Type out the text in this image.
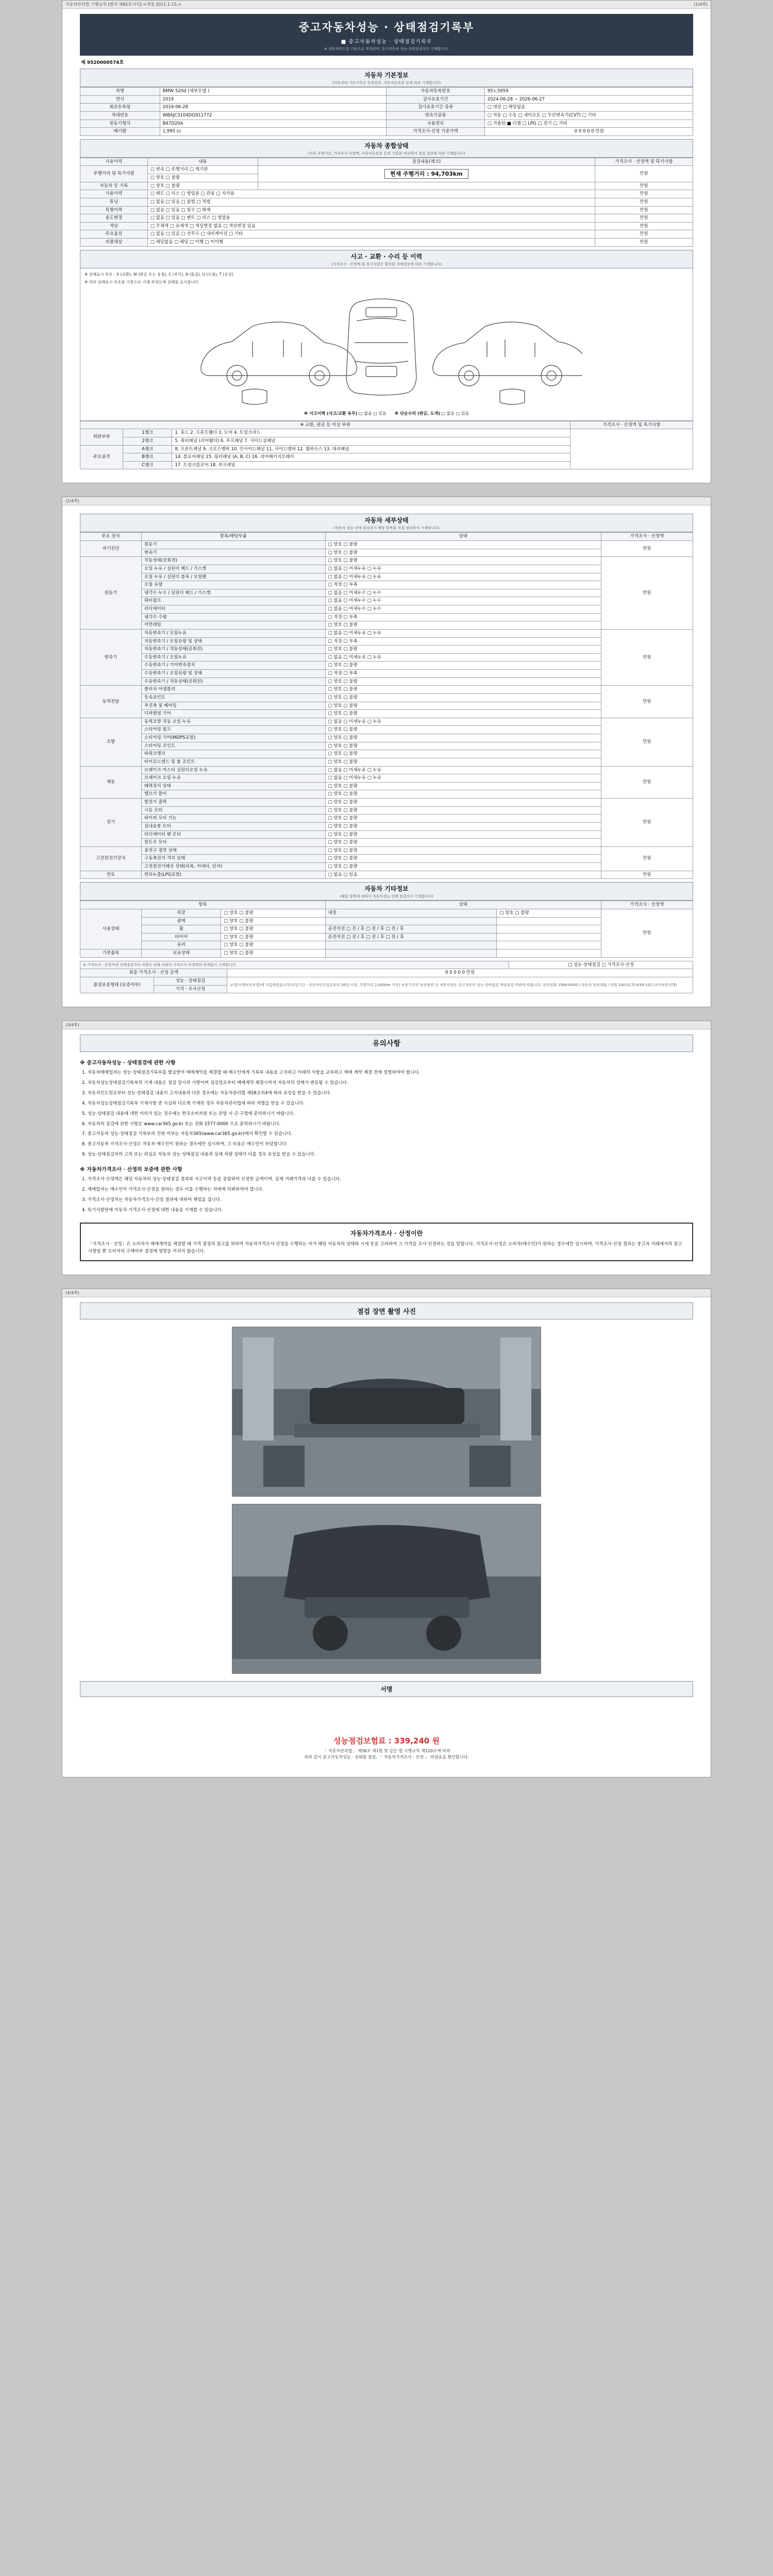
자동차관리법 시행규칙 [별지 제82호서식] <개정 2021.1.15.>	(1/4쪽)
중고자동차성능 · 상태점검기록부
■ 중고자동차성능 · 상태점검기록부
※ 자동차인도일 기준으로 작성되며, 중고자동차 성능·상태점검자가 기재합니다.
제 9520000574호
자동차 기본정보
(자동차의 기본기록은 등록원부, 자동차등록증 등에 따라 기재합니다)
차명	BMW 520d (세부모델 )	자동차등록번호	95노5959
연식	2019	검사유효기간	2024-06-28 ~ 2026-06-27
최초등록일	2019-06-28	검사유효기간 종류	□ 대상 □ 해당없음
차대번호	WBAJC3104DG911772	변속기종류	□ 자동 □ 수동 □ 세미오토 □ 무단변속기(CVT) □ 기타
원동기형식	B47D20A	사용연료	□ 가솔린 ■ 디젤 □ LPG □ 전기 □ 기타
배기량	1,995 cc	가격조사·산정 기준가액	0 0 0 0 0 만원
자동차 종합상태
(각종 주행거리, 가격조사·산정액, 자동차등록증 등의 기록과 비교하여 점검 결과에 따라 기재합니다)
사용이력	내용	점검내용(체크)	가격조사 · 산정액 및 특기사항
주행거리 및 특기사항	□ 변속 □ 주행거리 □ 계기판	현재 주행거리 : 94,703km	만원
	□ 양호 □ 불량		
자동차 등 기록	□ 양호 □ 불량		만원
사용이력	□ 렌트 □ 리스 □ 영업용 □ 관용 □ 자가용		만원
튜닝	□ 없음 □ 있음 □ 불법 □ 적법		만원
특별이력	□ 없음 □ 있음 □ 침수 □ 화재		만원
용도변경	□ 없음 □ 있음 □ 렌트 □ 리스 □ 영업용		만원
색상	□ 무채색 □ 유채색 □ 색상변경 없음 □ 색상변경 있음		만원
주요옵션	□ 없음 □ 있음 □ 선루프 □ 내비게이션 □ 기타		만원
리콜대상	□ 해당없음 □ 해당 □ 이행 □ 미이행		만원
사고 · 교환 · 수리 등 이력
(가격조사 · 산정액 및 특기사항은 확인된 자체정보에 따라 기재합니다)
※ 상태표시 부호 : X (교환), W (판금 또는 용접), C (부식), A (흠집), U (요철), T (손상)
※ 하단 상태표시 부호를 기준으로 기재 부위도에 상태를 표시합니다
※ 사고이력 (사고/교환 유무) □ 없음 □ 있음 ※ 단순수리 (판금, 도색) □ 없음 □ 있음
※ 교환, 판금 등 이상 부위			가격조사 · 산정액 및 특기사항
외판부위	1랭크	1. 후드 2. 프론트휀더 3. 도어 4. 트렁크리드	
	2랭크	5. 쿼터패널 (리어휀더) 6. 루프패널 7. 사이드실패널	
주요골격	A랭크	8. 프론트패널 9. 크로스멤버 10. 인사이드패널 11. 사이드멤버 12. 휠하우스 13. 대쉬패널	
	B랭크	14. 플로어패널 15. 필러패널 (A, B, C) 16. 리어패키지트레이	
	C랭크	17. 트렁크플로어 18. 루프레일	
(2/4쪽)
자동차 세부상태
(자동차 성능·상태 점검자가 해당 항목을 직접 점검하여 기재합니다)
주요 장치	항목/해당부품	상태	가격조사 · 산정액
자기진단	원동기	□ 양호 □ 불량	만원
	변속기	□ 양호 □ 불량	
원동기	작동상태(공회전)	□ 양호 □ 불량	만원
	오일 누유 / 실린더 헤드 / 가스켓	□ 없음 □ 미세누유 □ 누유	
	오일 누유 / 실린더 블록 / 오일팬	□ 없음 □ 미세누유 □ 누유	
	오일 유량	□ 적정 □ 부족	
	냉각수 누수 / 실린더 헤드 / 가스켓	□ 없음 □ 미세누수 □ 누수	
	워터펌프	□ 없음 □ 미세누수 □ 누수	
	라디에이터	□ 없음 □ 미세누수 □ 누수	
	냉각수 수량	□ 적정 □ 부족	
	커먼레일	□ 양호 □ 불량	
변속기	자동변속기 / 오일누유	□ 없음 □ 미세누유 □ 누유	만원
	자동변속기 / 오일유량 및 상태	□ 적정 □ 부족	
	자동변속기 / 작동상태(공회전)	□ 양호 □ 불량	
	수동변속기 / 오일누유	□ 없음 □ 미세누유 □ 누유	
	수동변속기 / 기어변속장치	□ 양호 □ 불량	
	수동변속기 / 오일유량 및 상태	□ 적정 □ 부족	
	수동변속기 / 작동상태(공회전)	□ 양호 □ 불량	
동력전달	클러치 어셈블리	□ 양호 □ 불량	만원
	등속죠인트	□ 양호 □ 불량	
	추진축 및 베어링	□ 양호 □ 불량	
	디퍼렌셜 기어	□ 양호 □ 불량	
조향	동력조향 작동 오일 누유	□ 없음 □ 미세누유 □ 누유	만원
	스티어링 펌프	□ 양호 □ 불량	
	스티어링 기어(MDPS포함)	□ 양호 □ 불량	
	스티어링 조인트	□ 양호 □ 불량	
	파워크랭크	□ 양호 □ 불량	
	타이로드엔드 및 볼 조인트	□ 양호 □ 불량	
제동	브레이크 마스터 실린더오일 누유	□ 없음 □ 미세누유 □ 누유	만원
	브레이크 오일 누유	□ 없음 □ 미세누유 □ 누유	
	배력장치 상태	□ 양호 □ 불량	
	밸브가 틀어	□ 양호 □ 불량	
전기	발전기 출력	□ 양호 □ 불량	만원
	시동 모터	□ 양호 □ 불량	
	와이퍼 모터 기능	□ 양호 □ 불량	
	실내송풍 모터	□ 양호 □ 불량	
	라디에이터 팬 모터	□ 양호 □ 불량	
	윈도우 모터	□ 양호 □ 불량	
고전원전기장치	충전구 절연 상태	□ 양호 □ 불량	만원
	구동축전지 격리 상태	□ 양호 □ 불량	
	고전원전기배선 상태(피복, 커넥터, 단자)	□ 양호 □ 불량	
연료	연료누출(LPG포함)	□ 없음 □ 있음	만원
자동차 기타정보
(해당 항목에 대하여 자동차성능·상태 점검자가 기재합니다)
항목			상태		가격조사 · 산정액
사용상태	외장	□ 양호 □ 불량	내장	□ 양호 □ 불량	만원
	광택	□ 양호 □ 불량			
	휠	□ 양호 □ 불량	운전석전 □ 전 / 후 □ 전 / 후 □ 전 / 후		
	타이어	□ 양호 □ 불량	운전석전 □ 전 / 후 □ 전 / 후 □ 전 / 후		
	유리	□ 양호 □ 불량			
기본품목	보유상태	□ 양호 □ 불량			
※ 가격조사 · 산정자에 상태점검자의 차량은 당해 차량의 가격조사·산정액과 관계없이 기재합니다.			□ 성능·상태점검 □ 가격조사·산정
최종 가격조사 · 산정 금액		0 0 0 0 0 만원	
품질보증형태 (보증여부)	성능 · 상태점검	보험(이행보증보험)에 가입하였습니다(보험기간 : 자동차인도일로부터 30일 이상, 주행거리 2,000km 이상) 보증기간과 보증범위 등 세부사항은 중고자동차 성능·상태점검 책임보험 약관에 따릅니다. 문의전화 1588-0000 / 자동차 담보대출 / 전화 140-0175-639-102 (자사보증진행)	
	가격 · 조사산정		
(3/4쪽)
유의사항
※ 중고자동차성능 · 상태점검에 관한 사항

1. 자동차매매업자는 성능·상태점검기록부를 발급받아 매매계약을 체결할 때 매수인에게 기록부 내용을 고지하고 아래의 사항을 교부하고 매매 계약 체결 전에 설명하여야 합니다.

2. 자동차성능상태점검기록부의 기재 내용은 점검 당시의 사항이며 점검일로부터 매매계약 체결시까지 자동차의 상태가 변동될 수 있습니다.

3. 자동차인도일로부터 성능·상태점검 내용이 고지내용과 다른 경우에는 자동차관리법 제58조의4에 따라 보상을 받을 수 있습니다.

4. 자동차성능상태점검기록부 기재사항 중 사실과 다르게 기재된 경우 자동차관리법에 따라 처벌을 받을 수 있습니다.

5. 성능·상태점검 내용에 대한 이의가 있는 경우에는 한국소비자원 또는 관할 시·군·구청에 문의하시기 바랍니다.

6. 자동차의 점검에 관한 사항은 www.car365.go.kr 또는 전화 1577-0000 으로 문의하시기 바랍니다.

7. 중고자동차 성능·상태점검 기록부의 진위 여부는 자동차365(www.car365.go.kr)에서 확인할 수 있습니다.

8. 중고자동차 가격조사·산정은 자동차 매수인이 원하는 경우에만 실시하며, 그 비용은 매수인이 부담합니다.

9. 성능·상태점검자의 고의 또는 과실로 자동차 성능·상태점검 내용과 실제 차량 상태가 다를 경우 보상을 받을 수 있습니다.

※ 자동차가격조사 · 산정의 보증에 관한 사항

1. 가격조사·산정액은 해당 자동차의 성능·상태점검 결과와 사고이력 등을 종합하여 산정한 금액이며, 실제 거래가격과 다를 수 있습니다.

2. 매매업자는 매수인이 가격조사·산정을 원하는 경우 이를 수행하는 자에게 의뢰하여야 합니다.

3. 가격조사·산정자는 자동차가격조사·산정 결과에 대하여 책임을 집니다.

4. 특기사항란에 자동차 가격조사·산정에 대한 내용을 기재할 수 있습니다.

자동차가격조사 · 산정이란
「가격조사 · 산정」은 소비자가 매매계약을 체결할 때 가격 결정의 참고를 위하여 자동차가격조사·산정을 수행하는 자가 해당 자동차의 상태와 시세 등을 고려하여 그 가격을 조사·산정하는 것을 말합니다. 가격조사·산정은 소비자(매수인)가 원하는 경우에만 실시하며, 가격조사·산정 결과는 중고차 거래에서의 참고 사항일 뿐 소비자의 구매여부 결정에 영향을 미치지 않습니다.
(4/4쪽)
점검 장면 촬영 사진
서명
성능점검보험료 : 339,240 원
「 자동차관리법」 제58조 제1항 및 같은 법 시행규칙 제120조에 따라
위와 같이 중고자동차성능 · 상태를 점검, 「 자동차가격조사 · 산정 」 하였음을 확인합니다.
